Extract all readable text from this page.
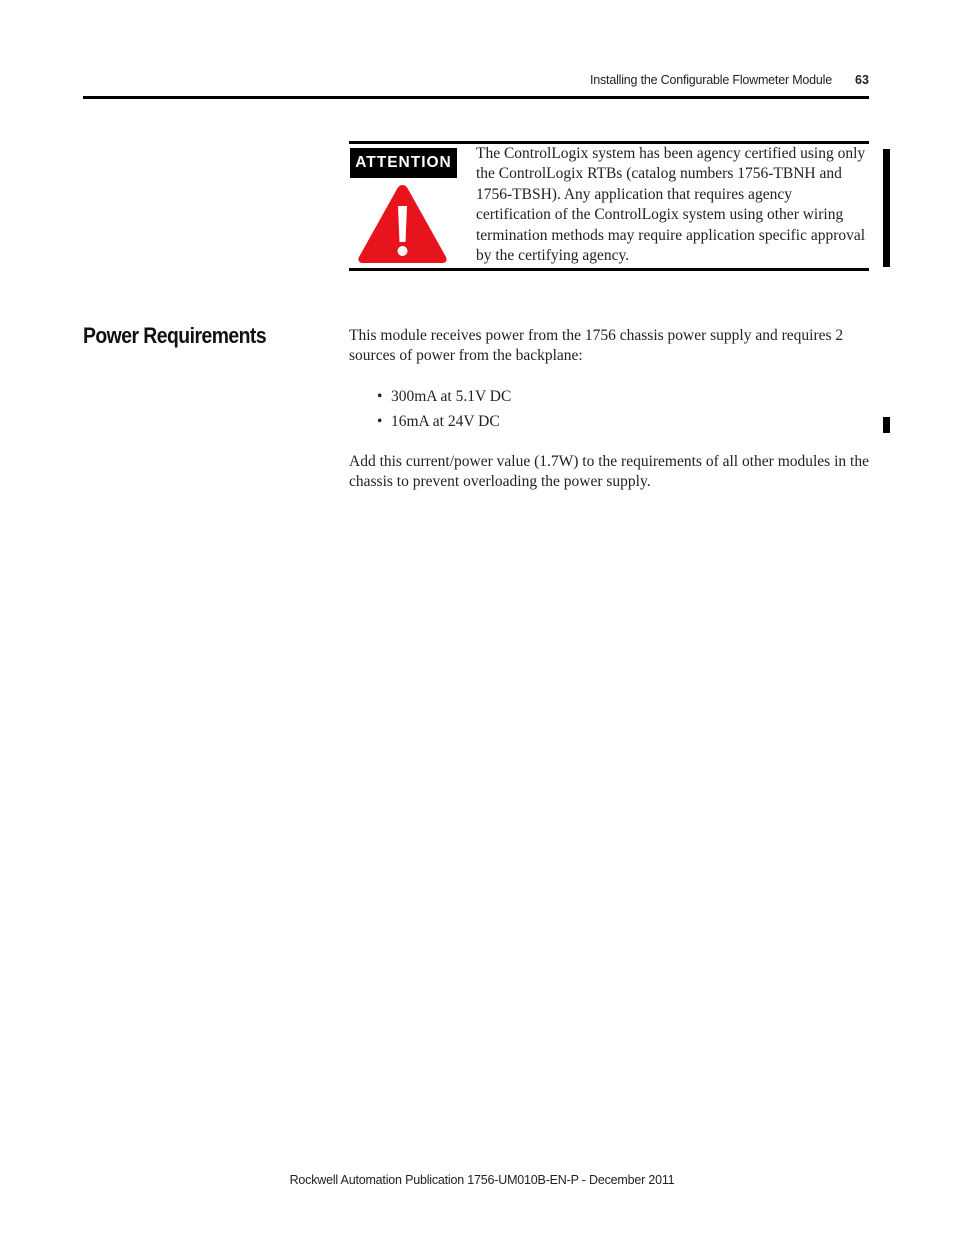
Installing the Configurable Flowmeter Module 63
ATTENTION
The ControlLogix system has been agency certified using only the ControlLogix RTBs (catalog numbers 1756-TBNH and 1756-TBSH). Any application that requires agency certification of the ControlLogix system using other wiring termination methods may require application specific approval by the certifying agency.
Power Requirements	This module receives power from the 1756 chassis power supply and requires 2 sources of power from the backplane:

• 300mA at 5.1V DC
• 16mA at 24V DC

Add this current/power value (1.7W) to the requirements of all other modules in the chassis to prevent overloading the power supply.

Rockwell Automation Publication 1756-UM010B-EN-P - December 2011
